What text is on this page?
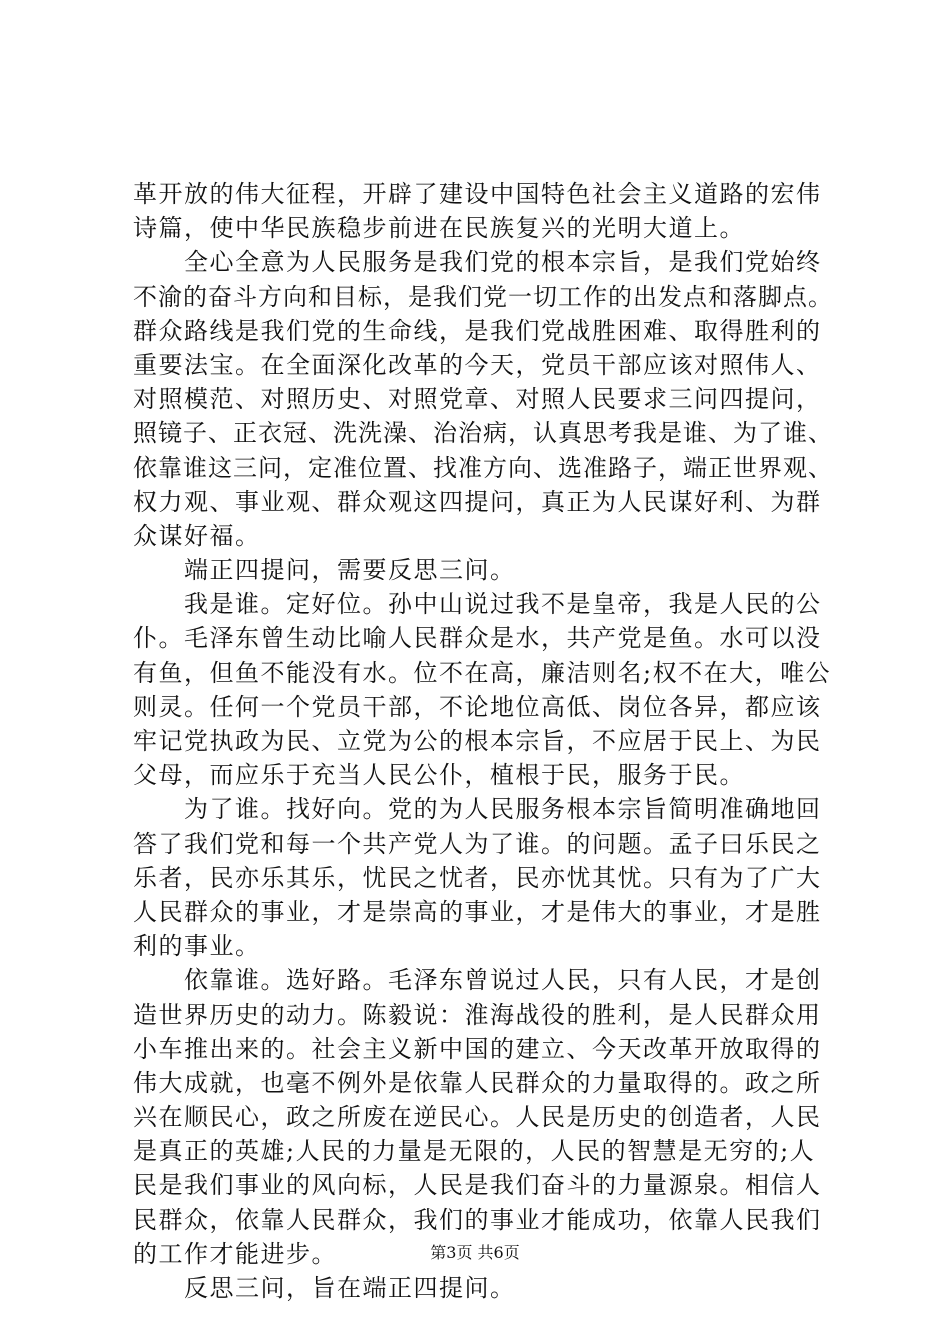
革开放的伟大征程，开辟了建设中国特色社会主义道路的宏伟
诗篇，使中华民族稳步前进在民族复兴的光明大道上。
　　全心全意为人民服务是我们党的根本宗旨，是我们党始终
不渝的奋斗方向和目标，是我们党一切工作的出发点和落脚点。
群众路线是我们党的生命线，是我们党战胜困难、取得胜利的
重要法宝。在全面深化改革的今天，党员干部应该对照伟人、
对照模范、对照历史、对照党章、对照人民要求三问四提问，
照镜子、正衣冠、洗洗澡、治治病，认真思考我是谁、为了谁、
依靠谁这三问，定准位置、找准方向、选准路子，端正世界观、
权力观、事业观、群众观这四提问，真正为人民谋好利、为群
众谋好福。
　　端正四提问，需要反思三问。
　　我是谁。定好位。孙中山说过我不是皇帝，我是人民的公
仆。毛泽东曾生动比喻人民群众是水，共产党是鱼。水可以没
有鱼，但鱼不能没有水。位不在高，廉洁则名;权不在大，唯公
则灵。任何一个党员干部，不论地位高低、岗位各异，都应该
牢记党执政为民、立党为公的根本宗旨，不应居于民上、为民
父母，而应乐于充当人民公仆，植根于民，服务于民。
　　为了谁。找好向。党的为人民服务根本宗旨简明准确地回
答了我们党和每一个共产党人为了谁。的问题。孟子曰乐民之
乐者，民亦乐其乐，忧民之忧者，民亦忧其忧。只有为了广大
人民群众的事业，才是崇高的事业，才是伟大的事业，才是胜
利的事业。
　　依靠谁。选好路。毛泽东曾说过人民，只有人民，才是创
造世界历史的动力。陈毅说：淮海战役的胜利，是人民群众用
小车推出来的。社会主义新中国的建立、今天改革开放取得的
伟大成就，也毫不例外是依靠人民群众的力量取得的。政之所
兴在顺民心，政之所废在逆民心。人民是历史的创造者，人民
是真正的英雄;人民的力量是无限的，人民的智慧是无穷的;人
民是我们事业的风向标，人民是我们奋斗的力量源泉。相信人
民群众，依靠人民群众，我们的事业才能成功，依靠人民我们
的工作才能进步。
　　反思三问，旨在端正四提问。
第3页 共6页
